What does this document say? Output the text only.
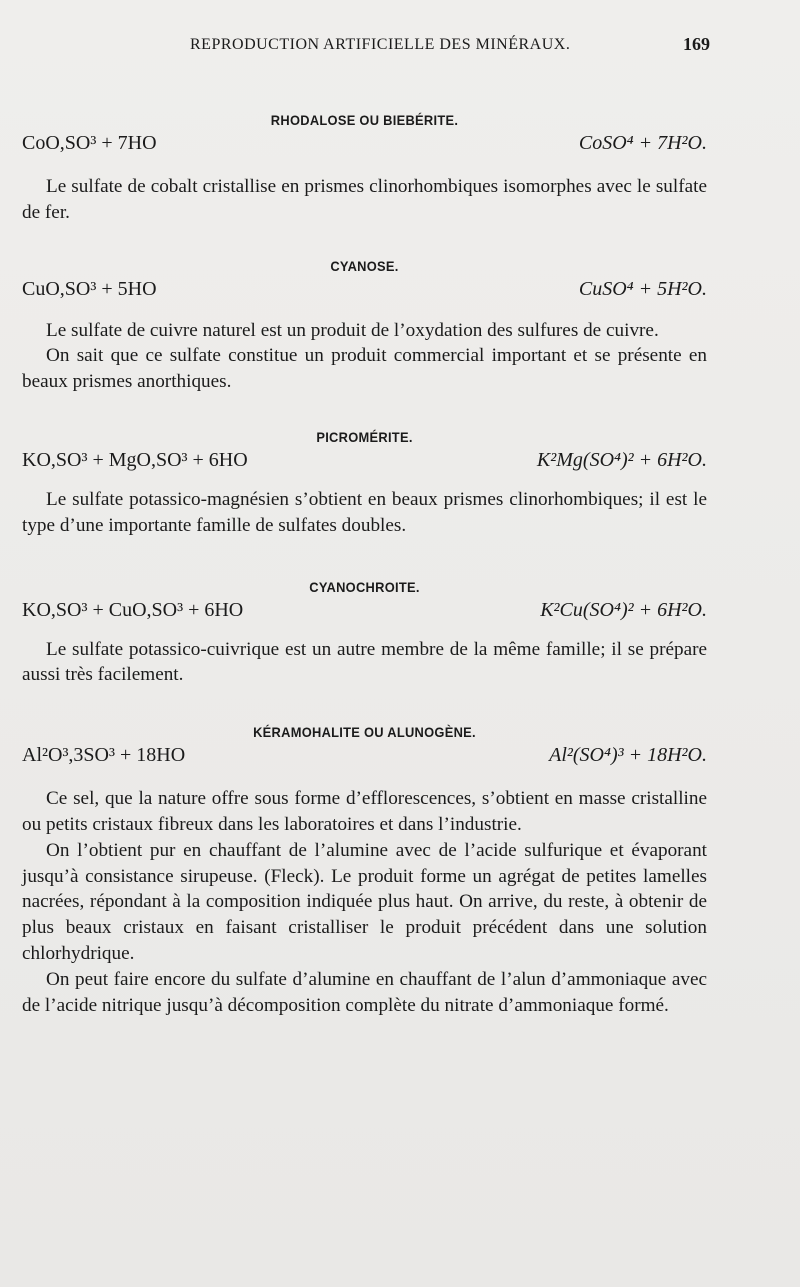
REPRODUCTION ARTIFICIELLE DES MINÉRAUX.	169
RHODALOSE OU BIEBÉRITE.
CoO,SO³ + 7HO	CoSO⁴ + 7H²O.

Le sulfate de cobalt cristallise en prismes clinorhombiques isomorphes avec le sulfate de fer.

CYANOSE.
CuO,SO³ + 5HO	CuSO⁴ + 5H²O.

Le sulfate de cuivre naturel est un produit de l’oxydation des sulfures de cuivre.

On sait que ce sulfate constitue un produit commercial important et se présente en beaux prismes anorthiques.

PICROMÉRITE.
KO,SO³ + MgO,SO³ + 6HO	K²Mg(SO⁴)² + 6H²O.

Le sulfate potassico-magnésien s’obtient en beaux prismes clinorhombiques; il est le type d’une importante famille de sulfates doubles.

CYANOCHROITE.
KO,SO³ + CuO,SO³ + 6HO	K²Cu(SO⁴)² + 6H²O.

Le sulfate potassico-cuivrique est un autre membre de la même famille; il se prépare aussi très facilement.

KÉRAMOHALITE OU ALUNOGÈNE.
Al²O³,3SO³ + 18HO	Al²(SO⁴)³ + 18H²O.

Ce sel, que la nature offre sous forme d’efflorescences, s’obtient en masse cristalline ou petits cristaux fibreux dans les laboratoires et dans l’industrie.

On l’obtient pur en chauffant de l’alumine avec de l’acide sulfurique et évaporant jusqu’à consistance sirupeuse. (Fleck). Le produit forme un agrégat de petites lamelles nacrées, répondant à la composition indiquée plus haut. On arrive, du reste, à obtenir de plus beaux cristaux en faisant cristalliser le produit précédent dans une solution chlorhydrique.

On peut faire encore du sulfate d’alumine en chauffant de l’alun d’ammoniaque avec de l’acide nitrique jusqu’à décomposition complète du nitrate d’ammoniaque formé.
